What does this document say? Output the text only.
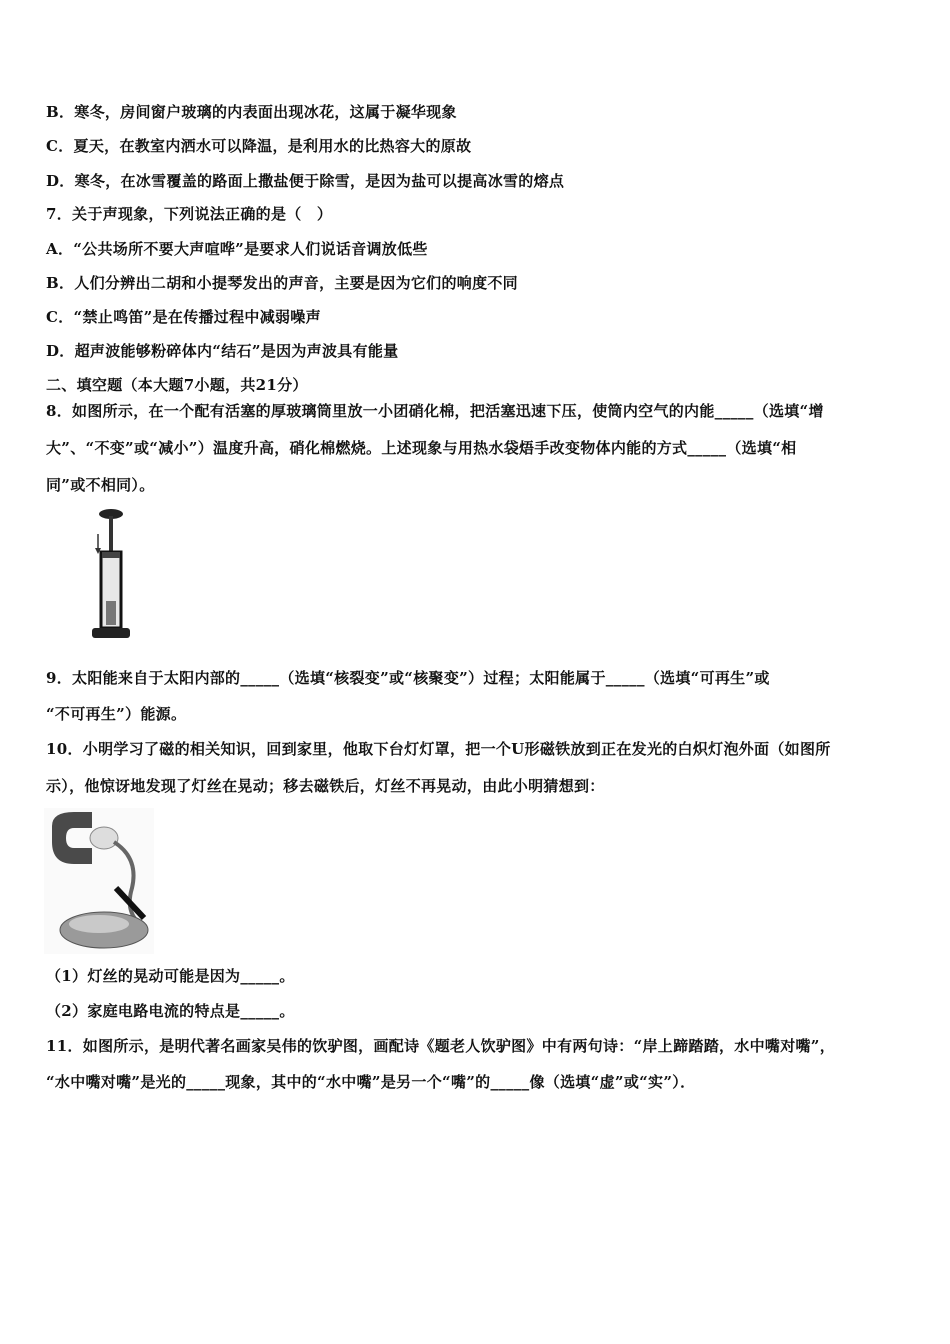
B．寒冬，房间窗户玻璃的内表面出现冰花，这属于凝华现象
C．夏天，在教室内洒水可以降温，是利用水的比热容大的原故
D．寒冬，在冰雪覆盖的路面上撒盐便于除雪，是因为盐可以提高冰雪的熔点
7．关于声现象，下列说法正确的是（　）
A．“公共场所不要大声喧哗”是要求人们说话音调放低些
B．人们分辨出二胡和小提琴发出的声音，主要是因为它们的响度不同
C．“禁止鸣笛”是在传播过程中减弱噪声
D．超声波能够粉碎体内“结石”是因为声波具有能量
二、填空题（本大题7小题，共21分）
8．如图所示，在一个配有活塞的厚玻璃筒里放一小团硝化棉，把活塞迅速下压，使筒内空气的内能_____（选填“增
大”、“不变”或“减小”）温度升高，硝化棉燃烧。上述现象与用热水袋焐手改变物体内能的方式_____（选填“相
同”或不相同）。
9．太阳能来自于太阳内部的_____（选填“核裂变”或“核聚变”）过程；太阳能属于_____（选填“可再生”或
“不可再生”）能源。
10．小明学习了磁的相关知识，回到家里，他取下台灯灯罩，把一个U形磁铁放到正在发光的白炽灯泡外面（如图所
示），他惊讶地发现了灯丝在晃动；移去磁铁后，灯丝不再晃动，由此小明猜想到：
（1）灯丝的晃动可能是因为_____。
（2）家庭电路电流的特点是_____。
11．如图所示，是明代著名画家吴伟的饮驴图，画配诗《题老人饮驴图》中有两句诗：“岸上蹄踏踏，水中嘴对嘴”，
“水中嘴对嘴”是光的_____现象，其中的“水中嘴”是另一个“嘴”的_____像（选填“虚”或“实”）．
